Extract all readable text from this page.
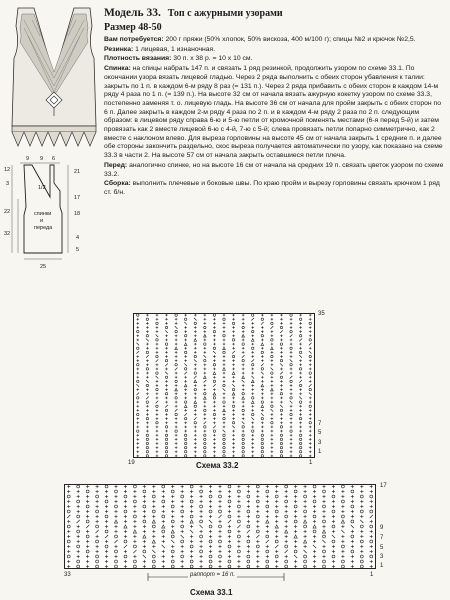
9 9 6
1/2
спинки
и
переда
12
3
22
32
21
17
18
4
5
25
Модель 33. Топ с ажурными узорами
Размер 48-50

Вам потребуется: 200 г пряжи (50% хлопок, 50% вискоза, 400 м/100 г); спицы №2 и крючок №2,5.

Резинка: 1 лицевая, 1 изнаночная.

Плотность вязания: 30 п. x 38 р. = 10 x 10 см.

Спинка: на спицы набрать 147 п. и связать 1 ряд резинкой, продолжить узором по схеме 33.1. По окончании узора вязать лицевой гладью. Через 2 ряда выполнить с обеих сторон убавления к талии: закрыть по 1 п. в каждом 6-м ряду 8 раз (= 131 п.). Через 2 ряда прибавить с обеих сторон в каждом 14-м ряду 4 раза по 1 п. (= 139 п.). На высоте 32 см от начала вязать ажурную кокетку узором по схеме 33.3, постепенно заменяя т. о. лицевую гладь. На высоте 36 см от начала для пройм закрыть с обеих сторон по 6 п. Далее закрыть в каждом 2-м ряду 4 раза по 2 п. и в каждом 4-м ряду 2 раза по 2 п. следующим образом: в лицевом ряду справа 6-ю и 5-ю петли от кромочной поменять местами (6-я перед 5-й) и затем провязать как 2 вместе лицевой 6-ю с 4-й, 7-ю с 5-й; слева провязать петли попарно симметрично, как 2 вместе с наклоном влево. Для выреза горловины на высоте 45 см от начала закрыть 1 средние п. и далее обе стороны закончить раздельно, скос выреза получается автоматически по узору, как показано на схеме 33.3 в части 2. На высоте 57 см от начала закрыть оставшиеся петли плеча.

Перед: аналогично спинке, но на высоте 16 см от начала на средних 19 п. связать цветок узором по схеме 33.2.

Сборка: выполнить плечевые и боковые швы. По краю пройм и вырезу горловины связать крючком 1 ряд ст. б/н.

35
7
5
3
1
19	1
Схема 33.2
17
9
7
5
3
1
33	1
раппорт = 16 п.
Схема 33.1
